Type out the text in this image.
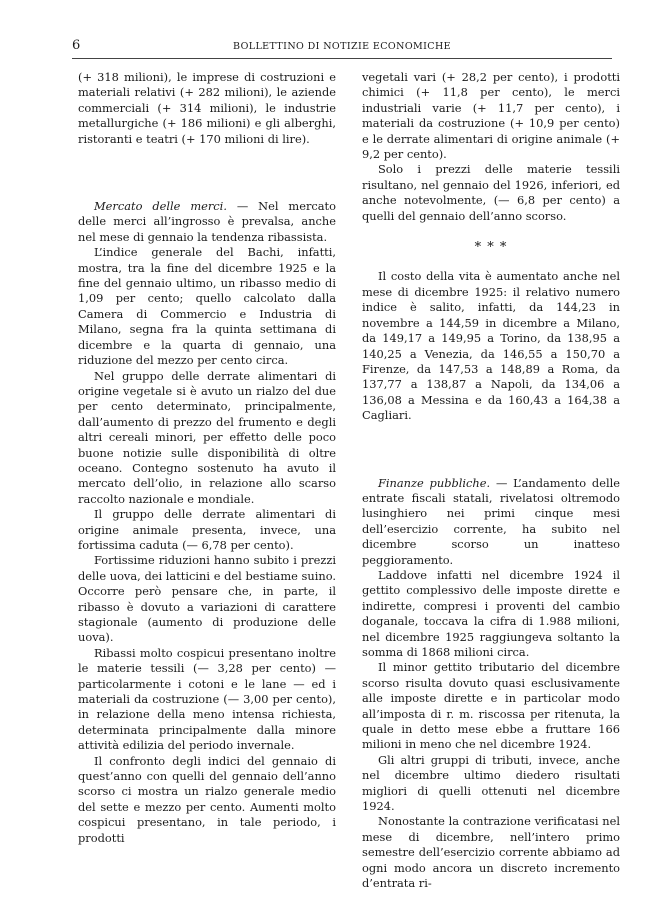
6	BOLLETTINO DI NOTIZIE ECONOMICHE

(+ 318 milioni), le imprese di costruzioni e materiali relativi (+ 282 milioni), le aziende commerciali (+ 314 milioni), le industrie metallurgiche (+ 186 milioni) e gli alberghi, ristoranti e teatri (+ 170 milioni di lire).

Mercato delle merci. — Nel mercato delle merci all’ingrosso è prevalsa, anche nel mese di gennaio la tendenza ribassista.

L’indice generale del Bachi, infatti, mostra, tra la fine del dicembre 1925 e la fine del gennaio ultimo, un ribasso medio di 1,09 per cento; quello calcolato dalla Camera di Commercio e Industria di Milano, segna fra la quinta settimana di dicembre e la quarta di gennaio, una riduzione del mezzo per cento circa.

Nel gruppo delle derrate alimentari di origine vegetale si è avuto un rialzo del due per cento determinato, principalmente, dall’aumento di prezzo del frumento e degli altri cereali minori, per effetto delle poco buone notizie sulle disponibilità di oltre oceano. Contegno sostenuto ha avuto il mercato dell’olio, in relazione allo scarso raccolto nazionale e mondiale.

Il gruppo delle derrate alimentari di origine animale presenta, invece, una fortissima caduta (— 6,78 per cento).

Fortissime riduzioni hanno subito i prezzi delle uova, dei latticini e del bestiame suino. Occorre però pensare che, in parte, il ribasso è dovuto a variazioni di carattere stagionale (aumento di produzione delle uova).

Ribassi molto cospicui presentano inoltre le materie tessili (— 3,28 per cento) — particolarmente i cotoni e le lane — ed i materiali da costruzione (— 3,00 per cento), in relazione della meno intensa richiesta, determinata principalmente dalla minore attività edilizia del periodo invernale.

Il confronto degli indici del gennaio di quest’anno con quelli del gennaio dell’anno scorso ci mostra un rialzo generale medio del sette e mezzo per cento. Aumenti molto cospicui presentano, in tale periodo, i prodotti

vegetali vari (+ 28,2 per cento), i prodotti chimici (+ 11,8 per cento), le merci industriali varie (+ 11,7 per cento), i materiali da costruzione (+ 10,9 per cento) e le derrate alimentari di origine animale (+ 9,2 per cento).

Solo i prezzi delle materie tessili risultano, nel gennaio del 1926, inferiori, ed anche notevolmente, (— 6,8 per cento) a quelli del gennaio dell’anno scorso.

* * *

Il costo della vita è aumentato anche nel mese di dicembre 1925: il relativo numero indice è salito, infatti, da 144,23 in novembre a 144,59 in dicembre a Milano, da 149,17 a 149,95 a Torino, da 138,95 a 140,25 a Venezia, da 146,55 a 150,70 a Firenze, da 147,53 a 148,89 a Roma, da 137,77 a 138,87 a Napoli, da 134,06 a 136,08 a Messina e da 160,43 a 164,38 a Cagliari.

Finanze pubbliche. — L’andamento delle entrate fiscali statali, rivelatosi oltremodo lusinghiero nei primi cinque mesi dell’esercizio corrente, ha subito nel dicembre scorso un inatteso peggioramento.

Laddove infatti nel dicembre 1924 il gettito complessivo delle imposte dirette e indirette, compresi i proventi del cambio doganale, toccava la cifra di 1.988 milioni, nel dicembre 1925 raggiungeva soltanto la somma di 1868 milioni circa.

Il minor gettito tributario del dicembre scorso risulta dovuto quasi esclusivamente alle imposte dirette e in particolar modo all’imposta di r. m. riscossa per ritenuta, la quale in detto mese ebbe a fruttare 166 milioni in meno che nel dicembre 1924.

Gli altri gruppi di tributi, invece, anche nel dicembre ultimo diedero risultati migliori di quelli ottenuti nel dicembre 1924.

Nonostante la contrazione verificatasi nel mese di dicembre, nell’intero primo semestre dell’esercizio corrente abbiamo ad ogni modo ancora un discreto incremento d’entrata ri-
